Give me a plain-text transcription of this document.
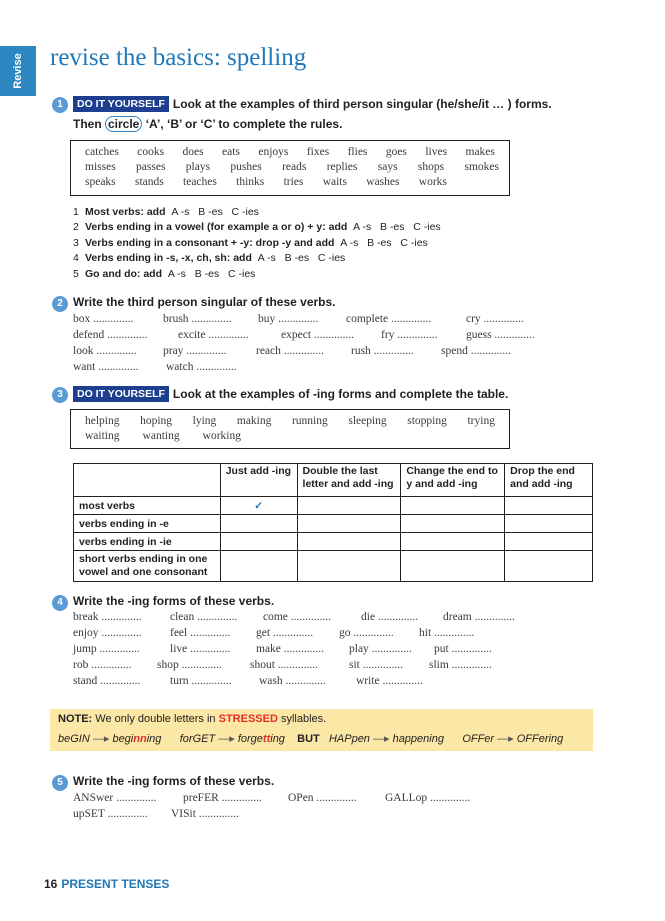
Revise revise the basics: spelling
1	DO IT YOURSELF Look at the examples of third person singular (he/she/it … ) forms.
Then circle ‘A’, ‘B’ or ‘C’ to complete the rules.
catches cooks does eats enjoys fixes flies goes lives makes
misses passes plays pushes reads replies says shops smokes
speaks stands teaches thinks tries waits washes works
1 Most verbs: add A -s B -es C -ies
2 Verbs ending in a vowel (for example a or o) + y: add A -s B -es C -ies
3 Verbs ending in a consonant + -y: drop -y and add A -s B -es C -ies
4 Verbs ending in -s, -x, ch, sh: add A -s B -es C -ies
5 Go and do: add A -s B -es C -ies
2 Write the third person singular of these verbs.
box ..............	brush .............. buy .............. complete ..............	cry ..............
defend ..............	excite ..............	expect .............. fry .............. guess ..............
look .............. pray ..............	reach .............. rush .............. spend ..............
want .............. watch ..............
3	DO IT YOURSELF Look at the examples of -ing forms and complete the table.
helping hoping lying making running sleeping stopping trying
waiting wanting working
	Just add -ing	Double the last letter and add -ing	Change the end to y and add -ing	Drop the end and add -ing
most verbs	✓			
verbs ending in -e				
verbs ending in -ie				
short verbs ending in one vowel and one consonant				
4 Write the -ing forms of these verbs.
break .............. clean .............. come ..............	die .............. dream ..............
enjoy .............. feel .............. get .............. go .............. hit ..............
jump ..............	live .............. make .............. play .............. put ..............
rob .............. shop .............. shout ..............	sit .............. slim ..............
stand ..............	turn .............. wash ..............	write ..............
NOTE: We only double letters in STRESSED syllables.
beGIN —▸ beginning forGET —▸ forgetting BUT HAPpen —▸ happening OFFer —▸ OFFering
5 Write the -ing forms of these verbs.
ANSwer .............. preFER .............. OPen .............. GALLop ..............
upSET .............. VISit ..............
16 PRESENT TENSES
